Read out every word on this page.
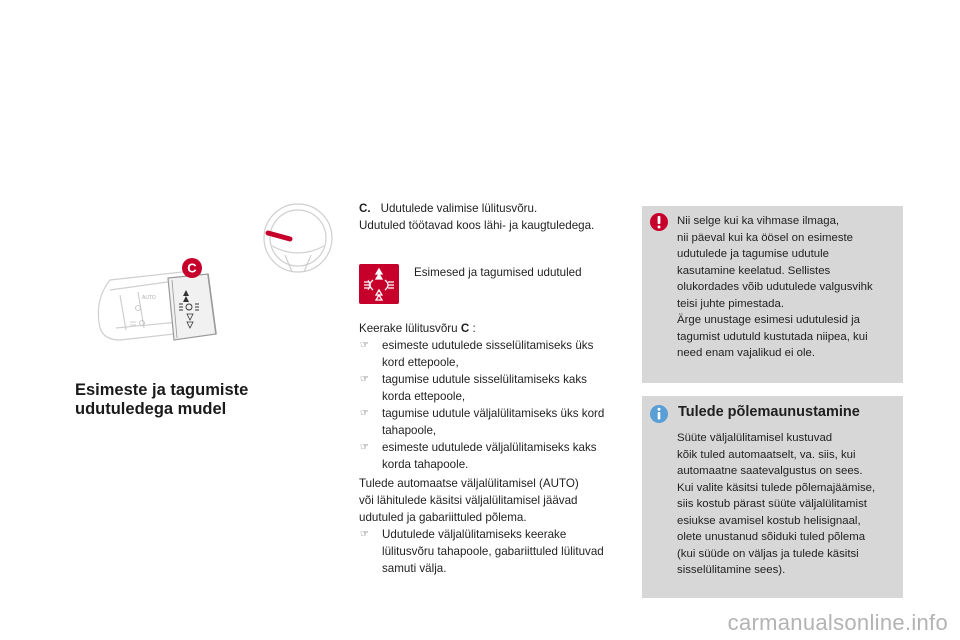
AUTO
C
Esimeste ja tagumiste
udutuledega mudel
C. Udutulede valimise lülitusvõru.
Udutuled töötavad koos lähi- ja kaugtuledega.
Esimesed ja tagumised udutuled

Keerake lülitusvõru C :

☞ esimeste udutulede sisselülitamiseks üks
kord ettepoole,
☞ tagumise udutule sisselülitamiseks kaks
korda ettepoole,
☞ tagumise udutule väljalülitamiseks üks kord
tahapoole,
☞ esimeste udutulede väljalülitamiseks kaks
korda tahapoole.
Tulede automaatse väljalülitamisel (AUTO)
või lähitulede käsitsi väljalülitamisel jäävad
udutuled ja gabariittuled põlema.
☞ Udutulede väljalülitamiseks keerake
lülitusvõru tahapoole, gabariittuled lülituvad
samuti välja.
Nii selge kui ka vihmase ilmaga,
nii päeval kui ka öösel on esimeste
udutulede ja tagumise udutule
kasutamine keelatud. Sellistes
olukordades võib udutulede valgusvihk
teisi juhte pimestada.
Ärge unustage esimesi udutulesid ja
tagumist udutuld kustutada niipea, kui
need enam vajalikud ei ole.
Tulede põlemaunustamine
Süüte väljalülitamisel kustuvad
kõik tuled automaatselt, va. siis, kui
automaatne saatevalgustus on sees.
Kui valite käsitsi tulede põlemajäämise,
siis kostub pärast süüte väljalülitamist
esiukse avamisel kostub helisignaal,
olete unustanud sõiduki tuled põlema
(kui süüde on väljas ja tulede käsitsi
sisselülitamine sees).
carmanualsonline.info
